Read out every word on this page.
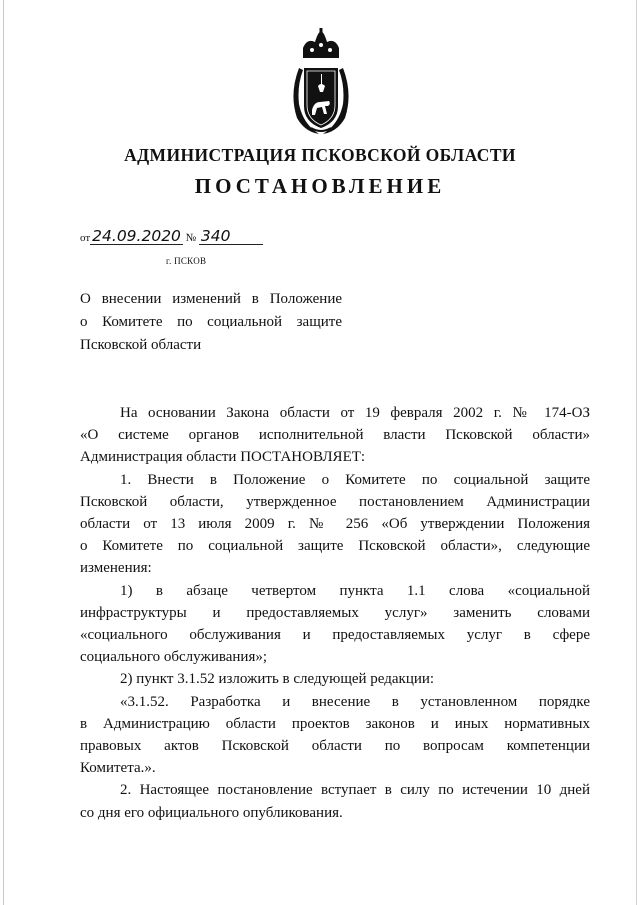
АДМИНИСТРАЦИЯ ПСКОВСКОЙ ОБЛАСТИ
ПОСТАНОВЛЕНИЕ
от 24.09.2020 № 340
г. ПСКОВ
О внесении изменений в Положение
о Комитете по социальной защите
Псковской области
На основании Закона области от 19 февраля 2002 г. № 174-ОЗ
«О системе органов исполнительной власти Псковской области»
Администрация области ПОСТАНОВЛЯЕТ:
1. Внести в Положение о Комитете по социальной защите
Псковской области, утвержденное постановлением Администрации
области от 13 июля 2009 г. № 256 «Об утверждении Положения
о Комитете по социальной защите Псковской области», следующие
изменения:
1) в абзаце четвертом пункта 1.1 слова «социальной
инфраструктуры и предоставляемых услуг» заменить словами
«социального обслуживания и предоставляемых услуг в сфере
социального обслуживания»;
2) пункт 3.1.52 изложить в следующей редакции:
«3.1.52. Разработка и внесение в установленном порядке
в Администрацию области проектов законов и иных нормативных
правовых актов Псковской области по вопросам компетенции
Комитета.».
2. Настоящее постановление вступает в силу по истечении 10 дней
со дня его официального опубликования.
